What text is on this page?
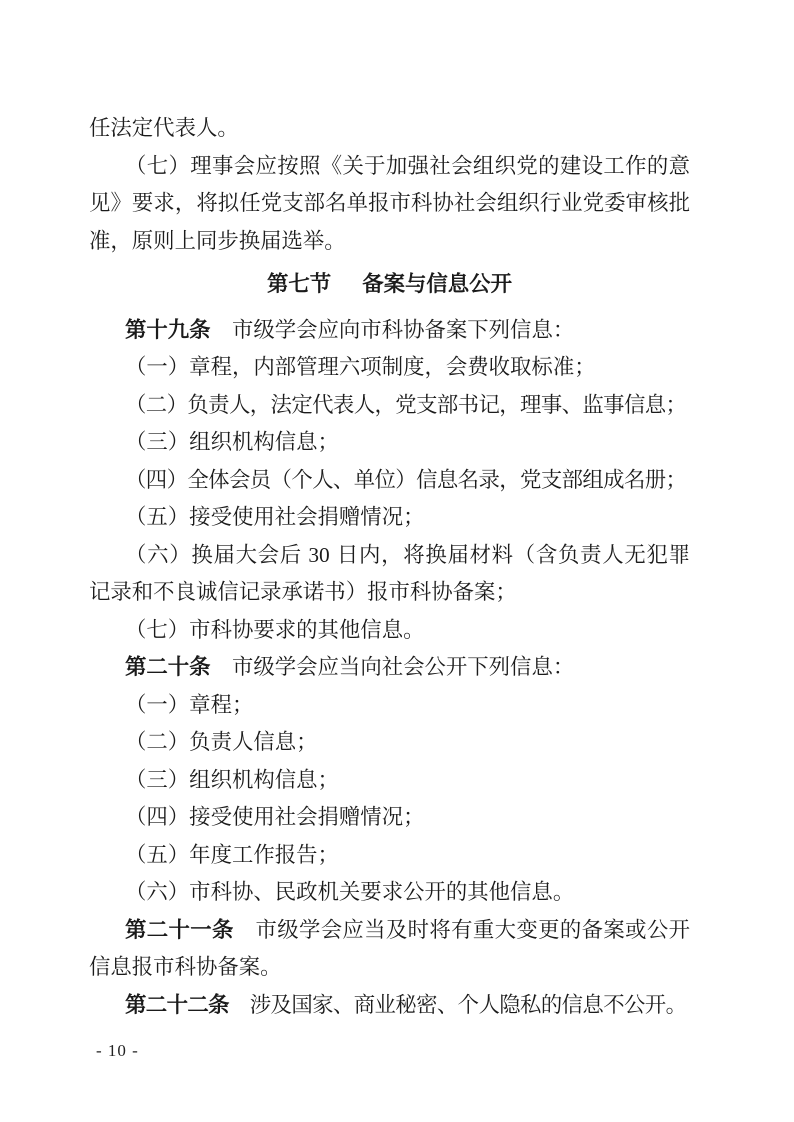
任法定代表人。

（七）理事会应按照《关于加强社会组织党的建设工作的意见》要求，将拟任党支部名单报市科协社会组织行业党委审核批准，原则上同步换届选举。

第七节 备案与信息公开

第十九条　市级学会应向市科协备案下列信息：

（一）章程，内部管理六项制度，会费收取标准；

（二）负责人，法定代表人，党支部书记，理事、监事信息；

（三）组织机构信息；

（四）全体会员（个人、单位）信息名录，党支部组成名册；

（五）接受使用社会捐赠情况；

（六）换届大会后 30 日内，将换届材料（含负责人无犯罪记录和不良诚信记录承诺书）报市科协备案；

（七）市科协要求的其他信息。

第二十条　市级学会应当向社会公开下列信息：

（一）章程；

（二）负责人信息；

（三）组织机构信息；

（四）接受使用社会捐赠情况；

（五）年度工作报告；

（六）市科协、民政机关要求公开的其他信息。

第二十一条　市级学会应当及时将有重大变更的备案或公开信息报市科协备案。

第二十二条　涉及国家、商业秘密、个人隐私的信息不公开。

- 10 -
